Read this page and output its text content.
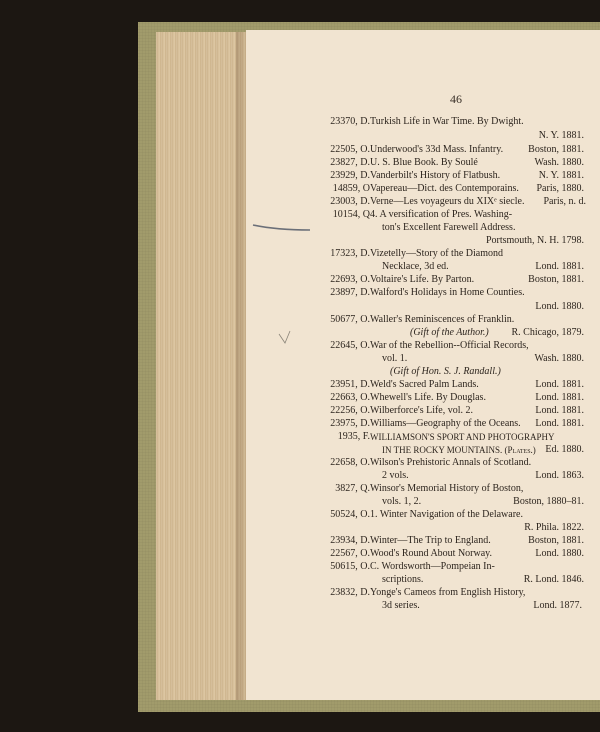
46
23370, D. Turkish Life in War Time. By Dwight.
N. Y. 1881.
22505, O. Underwood's 33d Mass. Infantry.	Boston, 1881.
23827, D. U. S. Blue Book. By Soulé	Wash. 1880.
23929, D. Vanderbilt's History of Flatbush.	N. Y. 1881.
14859, O Vapereau—Dict. des Contemporains. Paris, 1880.
23003, D. Verne—Les voyageurs du XIXᵉ siecle. Paris, n. d.
10154, Q 4. A versification of Pres. Washing-
ton's Excellent Farewell Address.
Portsmouth, N. H. 1798.
17323, D. Vizetelly—Story of the Diamond
Necklace, 3d ed.	Lond. 1881.
22693, O. Voltaire's Life. By Parton.	Boston, 1881.
23897, D. Walford's Holidays in Home Counties.
Lond. 1880.
50677, O. Waller's Reminiscences of Franklin.
(Gift of the Author.) R. Chicago, 1879.
22645, O. War of the Rebellion--Official Records,
vol. 1.	Wash. 1880.
(Gift of Hon. S. J. Randall.)
23951, D. Weld's Sacred Palm Lands.	Lond. 1881.
22663, O. Whewell's Life. By Douglas.	Lond. 1881.
22256, O. Wilberforce's Life, vol. 2.	Lond. 1881.
23975, D. Williams—Geography of the Oceans. Lond. 1881.
1935, F. WILLIAMSON'S SPORT AND PHOTOGRAPHY
IN THE ROCKY MOUNTAINS. (Plates.) Ed. 1880.
22658, O. Wilson's Prehistoric Annals of Scotland.
2 vols.	Lond. 1863.
3827, Q. Winsor's Memorial History of Boston,
vols. 1, 2.	Boston, 1880–81.
50524, O. 1. Winter Navigation of the Delaware.
R. Phila. 1822.
23934, D. Winter—The Trip to England.	Boston, 1881.
22567, O. Wood's Round About Norway.	Lond. 1880.
50615, O. C. Wordsworth—Pompeian In-
scriptions.	R. Lond. 1846.
23832, D. Yonge's Cameos from English History,
3d series.	Lond. 1877.
